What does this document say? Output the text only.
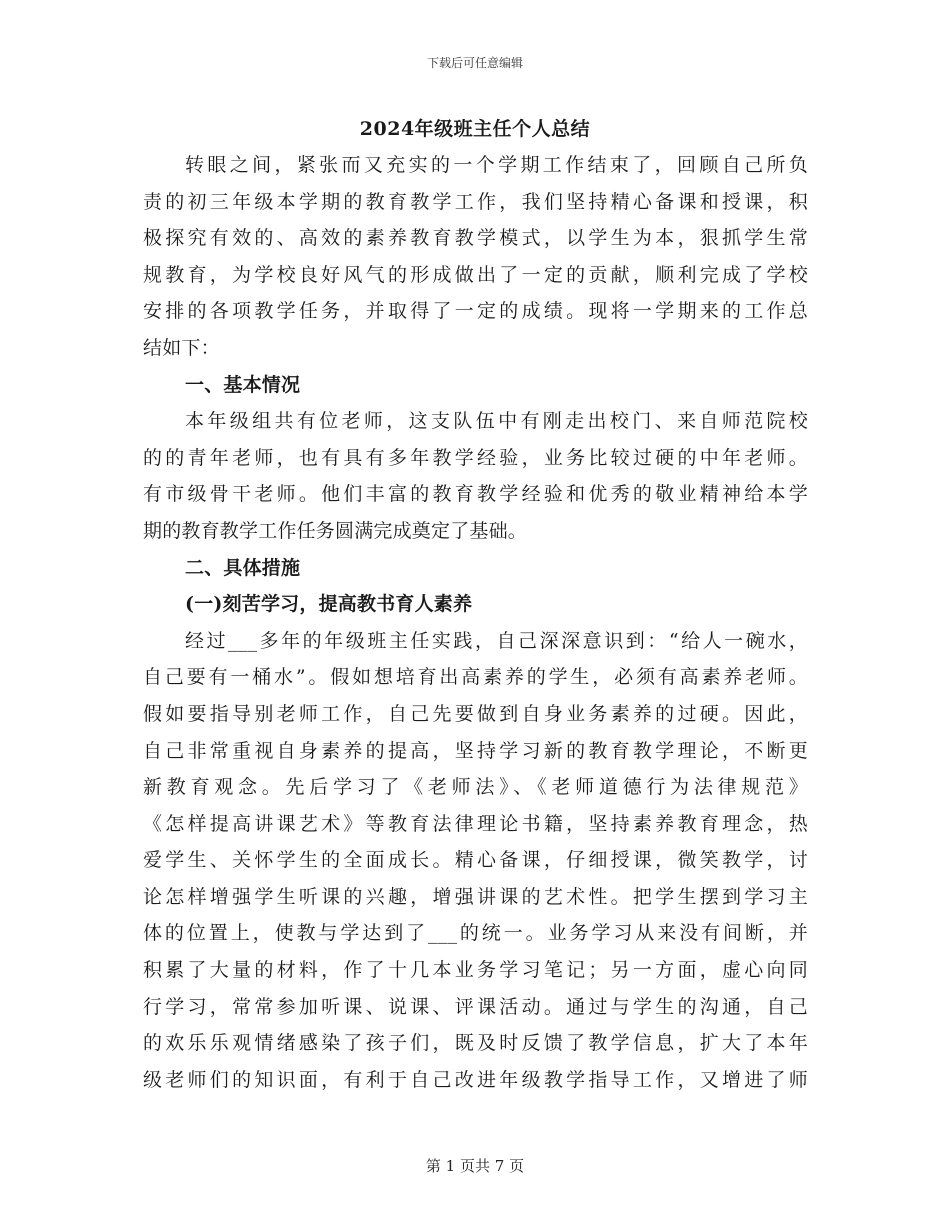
下载后可任意编辑
2024年级班主任个人总结
转眼之间，紧张而又充实的一个学期工作结束了，回顾自己所负
责的初三年级本学期的教育教学工作，我们坚持精心备课和授课，积
极探究有效的、高效的素养教育教学模式，以学生为本，狠抓学生常
规教育，为学校良好风气的形成做出了一定的贡献，顺利完成了学校
安排的各项教学任务，并取得了一定的成绩。现将一学期来的工作总
结如下：
一、基本情况
本年级组共有位老师，这支队伍中有刚走出校门、来自师范院校
的的青年老师，也有具有多年教学经验，业务比较过硬的中年老师。
有市级骨干老师。他们丰富的教育教学经验和优秀的敬业精神给本学
期的教育教学工作任务圆满完成奠定了基础。
二、具体措施
(一)刻苦学习，提高教书育人素养
经过___多年的年级班主任实践，自己深深意识到：“给人一碗水，
自己要有一桶水”。假如想培育出高素养的学生，必须有高素养老师。
假如要指导别老师工作，自己先要做到自身业务素养的过硬。因此，
自己非常重视自身素养的提高，坚持学习新的教育教学理论，不断更
新教育观念。先后学习了《老师法》、《老师道德行为法律规范》
《怎样提高讲课艺术》等教育法律理论书籍，坚持素养教育理念，热
爱学生、关怀学生的全面成长。精心备课，仔细授课，微笑教学，讨
论怎样增强学生听课的兴趣，增强讲课的艺术性。把学生摆到学习主
体的位置上，使教与学达到了___的统一。业务学习从来没有间断，并
积累了大量的材料，作了十几本业务学习笔记；另一方面，虚心向同
行学习，常常参加听课、说课、评课活动。通过与学生的沟通，自己
的欢乐乐观情绪感染了孩子们，既及时反馈了教学信息，扩大了本年
级老师们的知识面，有利于自己改进年级教学指导工作，又增进了师
第 1 页共 7 页
